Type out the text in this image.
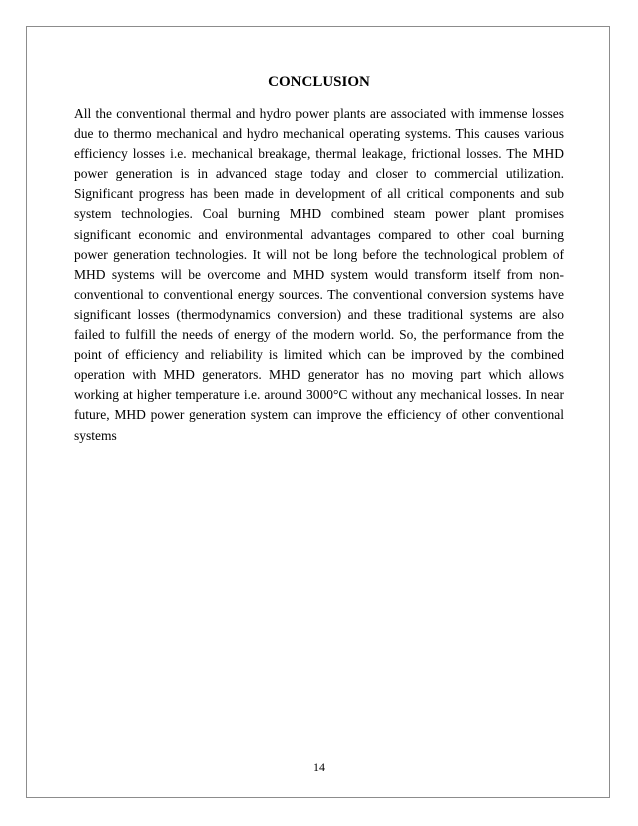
CONCLUSION

All the conventional thermal and hydro power plants are associated with immense losses due to thermo mechanical and hydro mechanical operating systems. This causes various efficiency losses i.e. mechanical breakage, thermal leakage, frictional losses. The MHD power generation is in advanced stage today and closer to commercial utilization. Significant progress has been made in development of all critical components and sub system technologies. Coal burning MHD combined steam power plant promises significant economic and environmental advantages compared to other coal burning power generation technologies. It will not be long before the technological problem of MHD systems will be overcome and MHD system would transform itself from non-conventional to conventional energy sources. The conventional conversion systems have significant losses (thermodynamics conversion) and these traditional systems are also failed to fulfill the needs of energy of the modern world. So, the performance from the point of efficiency and reliability is limited which can be improved by the combined operation with MHD generators. MHD generator has no moving part which allows working at higher temperature i.e. around 3000°C without any mechanical losses. In near future, MHD power generation system can improve the efficiency of other conventional systems

14
